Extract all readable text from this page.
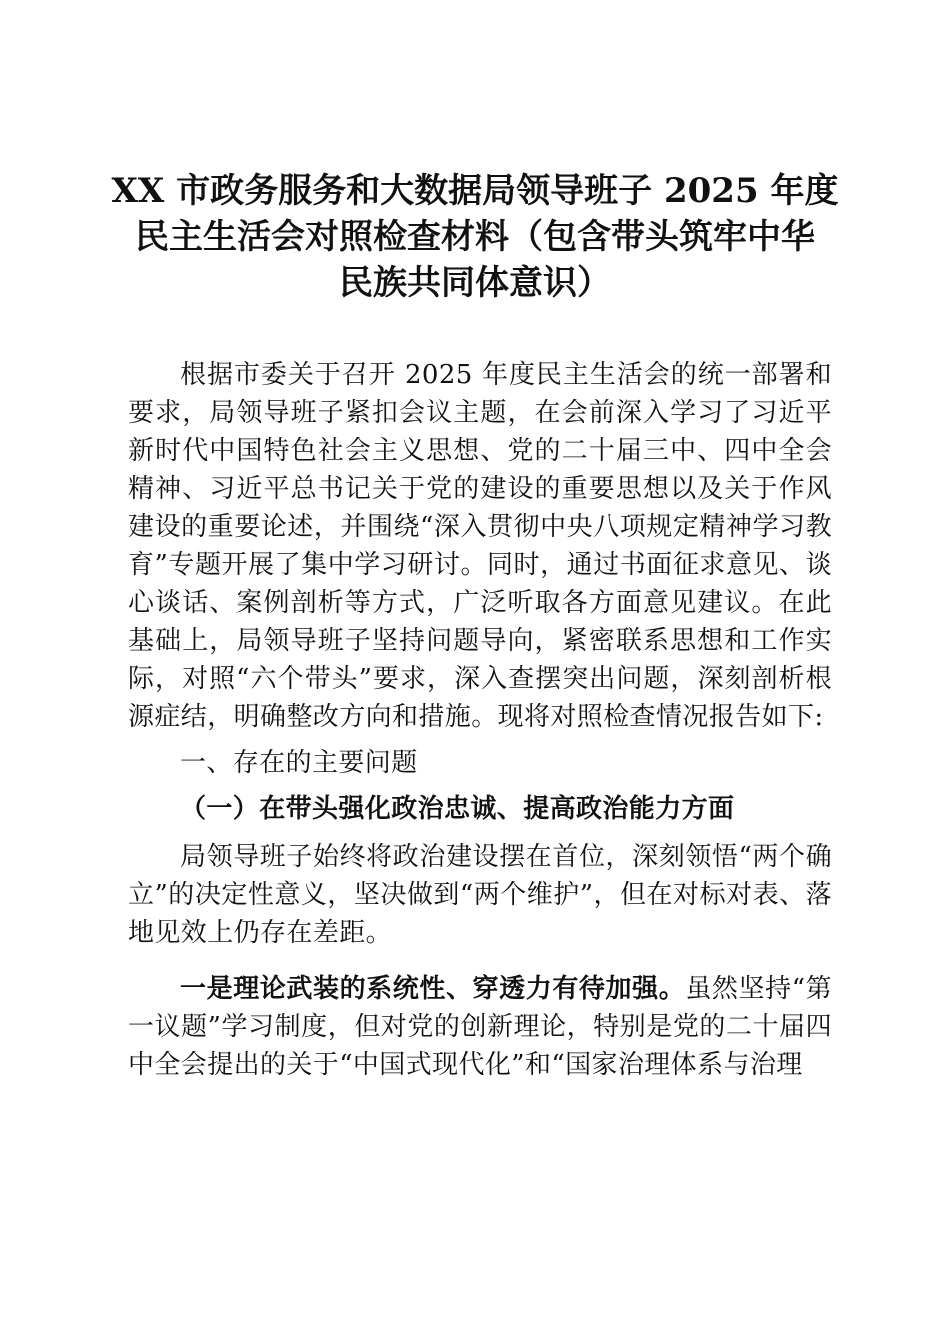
XX 市政务服务和大数据局领导班子 2025 年度
民主生活会对照检查材料（包含带头筑牢中华
民族共同体意识）

根据市委关于召开 2025 年度民主生活会的统一部署和要求，局领导班子紧扣会议主题，在会前深入学习了习近平新时代中国特色社会主义思想、党的二十届三中、四中全会精神、习近平总书记关于党的建设的重要思想以及关于作风建设的重要论述，并围绕“深入贯彻中央八项规定精神学习教育”专题开展了集中学习研讨。同时，通过书面征求意见、谈心谈话、案例剖析等方式，广泛听取各方面意见建议。在此基础上，局领导班子坚持问题导向，紧密联系思想和工作实际，对照“六个带头”要求，深入查摆突出问题，深刻剖析根源症结，明确整改方向和措施。现将对照检查情况报告如下:

一、存在的主要问题

（一）在带头强化政治忠诚、提高政治能力方面

局领导班子始终将政治建设摆在首位，深刻领悟“两个确立”的决定性意义，坚决做到“两个维护”，但在对标对表、落地见效上仍存在差距。

一是理论武装的系统性、穿透力有待加强。虽然坚持“第一议题”学习制度，但对党的创新理论，特别是党的二十届四中全会提出的关于“中国式现代化”和“国家治理体系与治理
